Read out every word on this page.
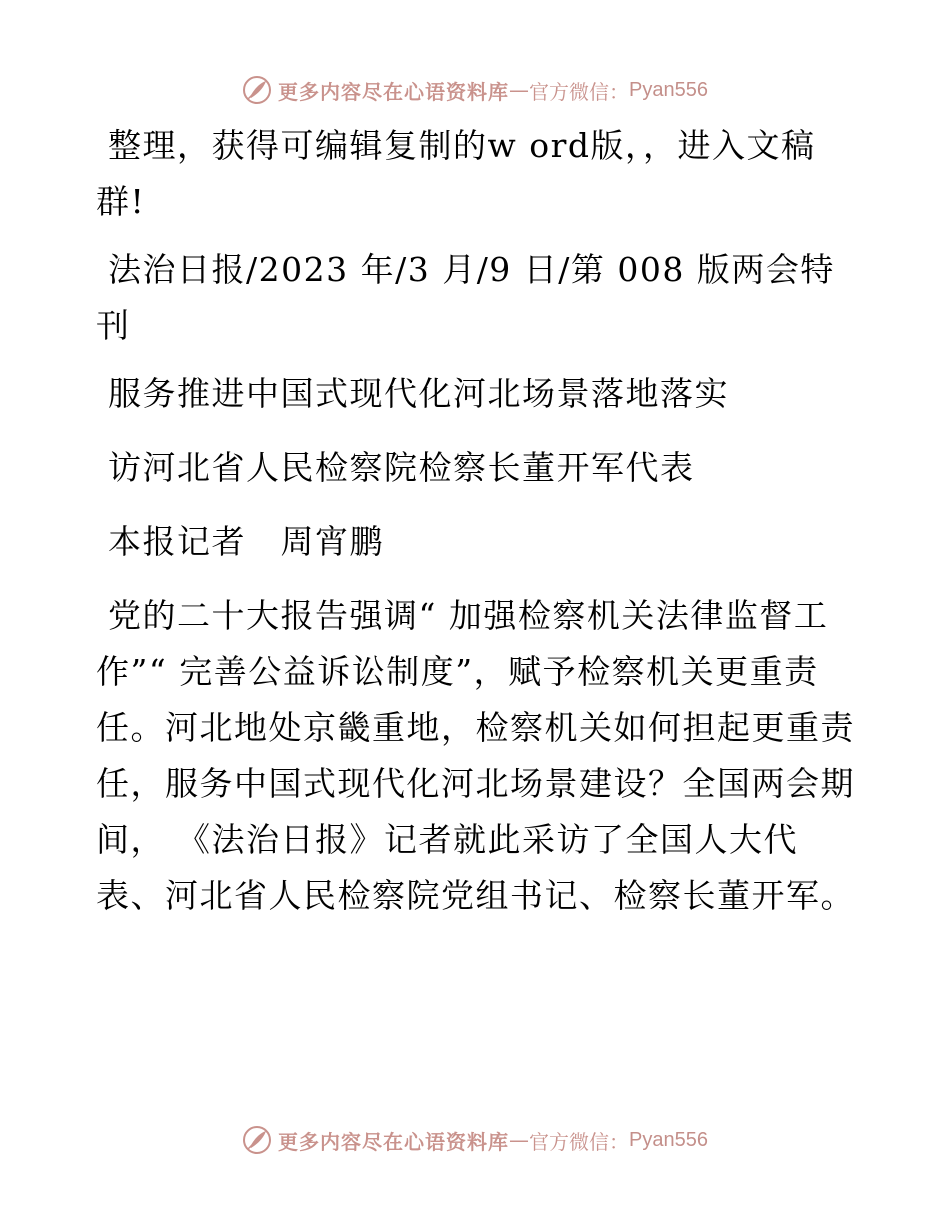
更多内容尽在心语资料库 — 官方微信： Pyan556

整理，获得可编辑复制的w ord版，，进入文稿群!

法治日报/2023 年/3 月/9 日/第 008 版两会特刊

服务推进中国式现代化河北场景落地落实

访河北省人民检察院检察长董开军代表

本报记者　周宵鹏

党的二十大报告强调“ 加强检察机关法律监督工作”“ 完善公益诉讼制度”，赋予检察机关更重责任。河北地处京畿重地，检察机关如何担起更重责任，服务中国式现代化河北场景建设？全国两会期间， 《法治日报》记者就此采访了全国人大代表、河北省人民检察院党组书记、检察长董开军。

更多内容尽在心语资料库 — 官方微信： Pyan556
